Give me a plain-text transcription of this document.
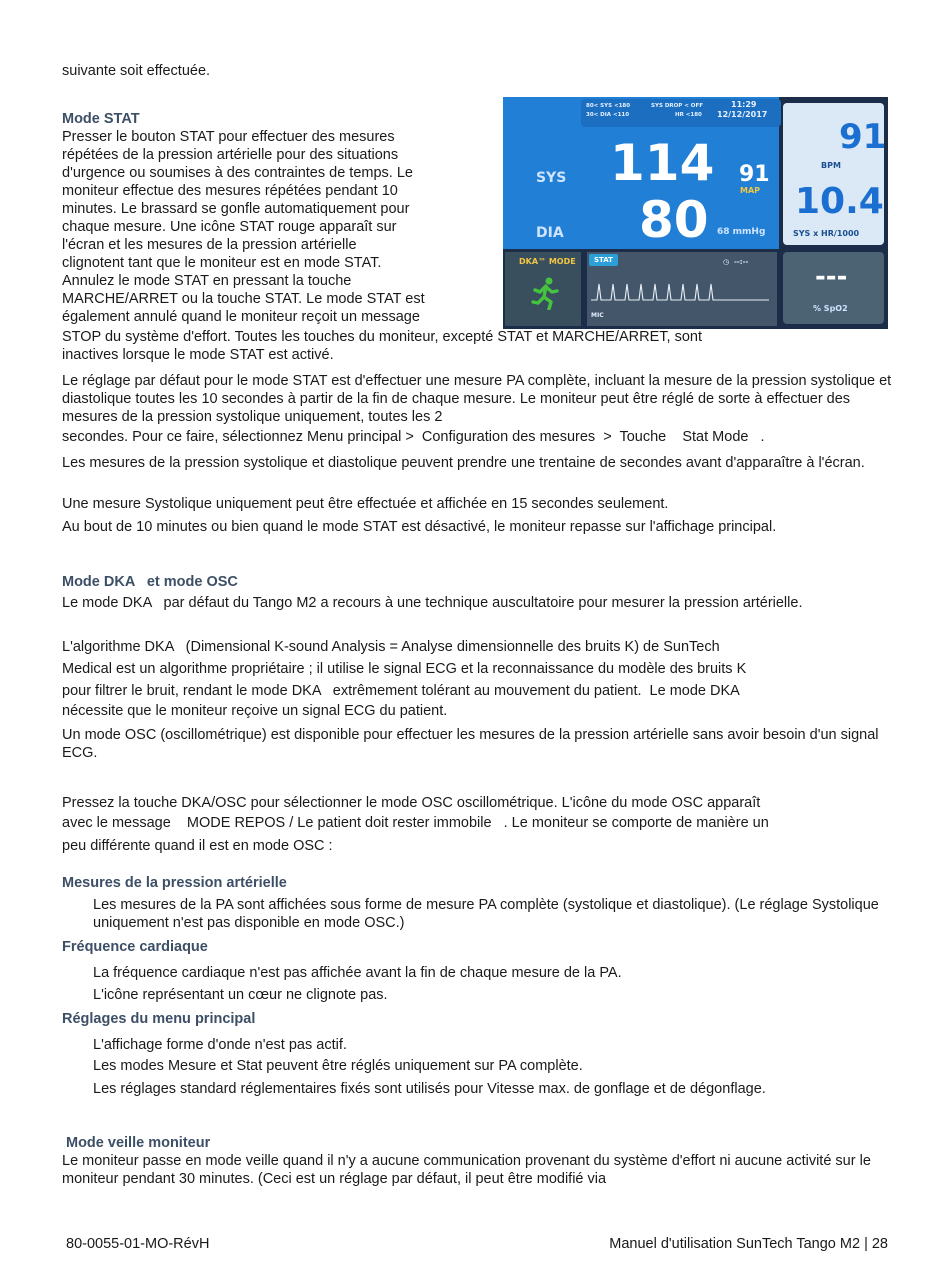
suivante soit effectuée.

Mode STAT

Presser le bouton STAT pour effectuer des mesures

répétées de la pression artérielle pour des situations

d'urgence ou soumises à des contraintes de temps. Le

moniteur effectue des mesures répétées pendant 10

minutes. Le brassard se gonfle automatiquement pour

chaque mesure. Une icône STAT rouge apparaît sur

l'écran et les mesures de la pression artérielle

clignotent tant que le moniteur est en mode STAT.

Annulez le mode STAT en pressant la touche

MARCHE/ARRET ou la touche STAT. Le mode STAT est

également annulé quand le moniteur reçoit un message

STOP du système d'effort. Toutes les touches du moniteur, excepté STAT et MARCHE/ARRET, sont

inactives lorsque le mode STAT est activé.

80< SYS <180
30< DIA <110
SYS DROP < OFF
HR <180
11:29
12/12/2017
SYS 114
DIA 80
91
MAP
68 mmHg
91
BPM
10.4
SYS x HR/1000
DKA™ MODE	STAT	◷ --:--
MIC
---
% SpO2

Le réglage par défaut pour le mode STAT est d'effectuer une mesure PA complète, incluant la mesure de la pression systolique et diastolique toutes les 10 secondes à partir de la fin de chaque mesure. Le moniteur peut être réglé de sorte à effectuer des mesures de la pression systolique uniquement, toutes les 2

secondes. Pour ce faire, sélectionnez Menu principal >  Configuration des mesures  >  Touche    Stat Mode   .

Les mesures de la pression systolique et diastolique peuvent prendre une trentaine de secondes avant d'apparaître à l'écran.

Une mesure Systolique uniquement peut être effectuée et affichée en 15 secondes seulement.

Au bout de 10 minutes ou bien quand le mode STAT est désactivé, le moniteur repasse sur l'affichage principal.

Mode DKA   et mode OSC

Le mode DKA   par défaut du Tango M2 a recours à une technique auscultatoire pour mesurer la pression artérielle.

L'algorithme DKA   (Dimensional K-sound Analysis = Analyse dimensionnelle des bruits K) de SunTech

Medical est un algorithme propriétaire ; il utilise le signal ECG et la reconnaissance du modèle des bruits K

pour filtrer le bruit, rendant le mode DKA   extrêmement tolérant au mouvement du patient.  Le mode DKA

nécessite que le moniteur reçoive un signal ECG du patient.

Un mode OSC (oscillométrique) est disponible pour effectuer les mesures de la pression artérielle sans avoir besoin d'un signal ECG.

Pressez la touche DKA/OSC pour sélectionner le mode OSC oscillométrique. L'icône du mode OSC apparaît

avec le message    MODE REPOS / Le patient doit rester immobile   . Le moniteur se comporte de manière un

peu différente quand il est en mode OSC :

Mesures de la pression artérielle

Les mesures de la PA sont affichées sous forme de mesure PA complète (systolique et diastolique). (Le réglage Systolique uniquement n'est pas disponible en mode OSC.)

Fréquence cardiaque

La fréquence cardiaque n'est pas affichée avant la fin de chaque mesure de la PA.

L'icône représentant un cœur ne clignote pas.

Réglages du menu principal

L'affichage forme d'onde n'est pas actif.

Les modes Mesure et Stat peuvent être réglés uniquement sur PA complète.

Les réglages standard réglementaires fixés sont utilisés pour Vitesse max. de gonflage et de dégonflage.

Mode veille moniteur

Le moniteur passe en mode veille quand il n'y a aucune communication provenant du système d'effort ni aucune activité sur le moniteur pendant 30 minutes. (Ceci est un réglage par défaut, il peut être modifié via

80-0055-01-MO-RévH	Manuel d'utilisation SunTech Tango M2 | 28
